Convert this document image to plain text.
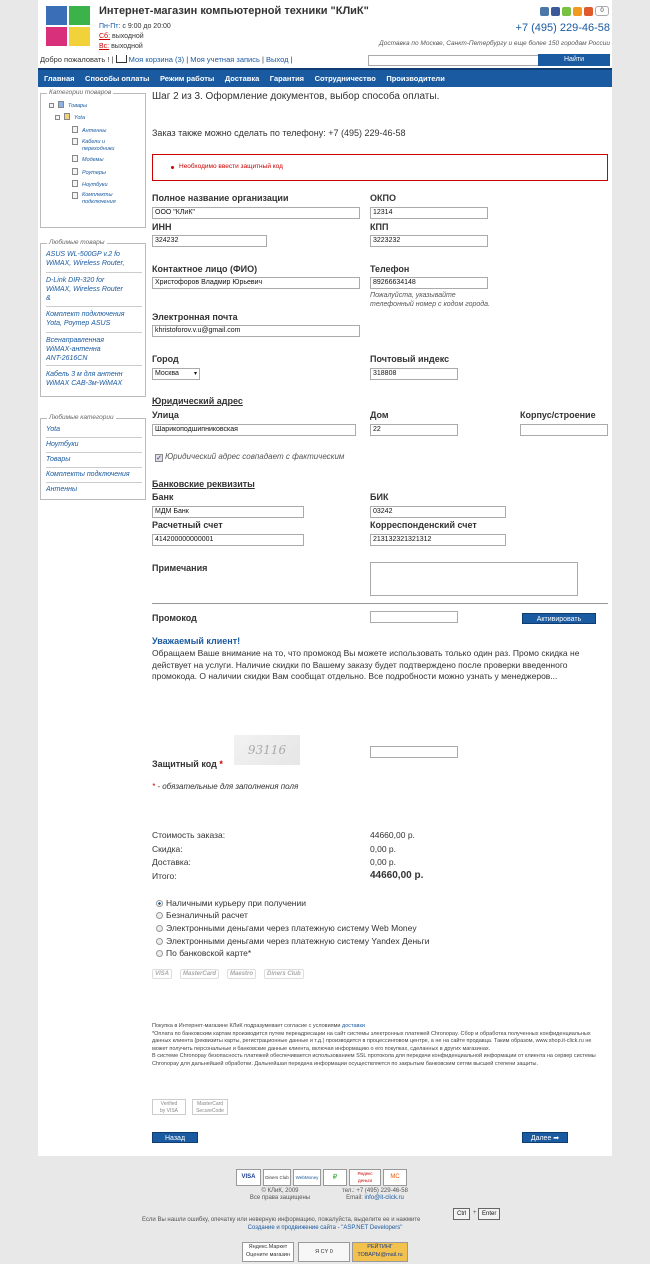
Интернет-магазин компьютерной техники "КЛиК"
Пн-Пт: с 9:00 до 20:00
Сб: выходной
Вс: выходной
0
+7 (495) 229-46-58
Доставка по Москве, Санкт-Петербургу и еще более 150 городам России
Добро пожаловать ! |  Моя корзина (3) | Моя учетная запись | Выход |	Найти
Главная Способы оплаты Режим работы Доставка Гарантия Сотрудничество Производители
Категории товаров
Товары
Yota
Антенны
Кабели и
переходники
Модемы
Роутеры
Ноутбуки
Комплекты
подключения
Любимые товары
ASUS WL-500GP v.2 fo
WiMAX, Wireless Router,
D-Link DIR-320 for
WiMAX, Wireless Router
&
Комплект подключения
Yota, Роутер ASUS
Всенаправленная
WiMAX-антенна
ANT-2616CN
Кабель 3 м для антенн
WiMAX CAB-3м-WiMAX
Любимые категории
Yota
Ноутбуки
Товары
Комплекты подключения
Антенны
Шаг 2 из 3. Оформление документов, выбор способа оплаты.
Заказ также можно сделать по телефону: +7 (495) 229-46-58
Необходимо ввести защитный код
Полное название организации
ООО "КЛиК"
ОКПО
12314
ИНН
324232
КПП
3223232
Контактное лицо (ФИО)
Христофоров Владмир Юрьевич
Телефон
89266634148
Пожалуйста, указывайте
телефонный номер с кодом города.
Электронная почта
khristoforov.v.u@gmail.com
Город
Москва	▾
Почтовый индекс
318808
Юридический адрес
Улица
Шарикоподшипниковская
Дом
22
Корпус/строение
✓ Юридический адрес совпадает с фактическим
Банковские реквизиты
Банк
МДМ Банк
БИК
03242
Расчетный счет
414200000000001
Корреспонденский счет
213132321321312
Примечания
Промокод	Активировать
Уважаемый клиент!
Обращаем Ваше внимание на то, что промокод Вы можете использовать только один раз. Промо скидка не действует на услуги. Наличие скидки по Вашему заказу будет подтверждено после проверки введенного промокода. О наличии скидки Вам сообщат отдельно. Все подробности можно узнать у менеджеров...
93116
Защитный код *
* - обязательные для заполнения поля
Стоимость заказа:	44660,00 р.
Скидка:	0,00 р.
Доставка:	0,00 р.
Итого:	44660,00 р.
Наличными курьеру при получении
Безналичный расчет
Электронными деньгами через платежную систему Web Money
Электронными деньгами через платежную систему Yandex Деньги
По банковской карте*
VISA MasterCard Maestro Diners Club
Покупка в Интернет-магазине КЛиК подразумевает согласие с условиями доставки
*Оплата по банковским картам производится путем переадресации на сайт системы электронных платежей Chronopay. Сбор и обработка полученных конфиденциальных данных клиента (реквизиты карты, регистрационные данные и т.д.) производится в процессинговом центре, а не на сайте продавца. Таким образом, www.shop.it-click.ru не может получить персональные и банковские данные клиента, включая информацию о его покупках, сделанных в других магазинах.
В системе Chronopay безопасность платежей обеспечивается использованием SSL протокола для передачи конфиденциальной информации от клиента на сервер системы Chronopay для дальнейшей обработки. Дальнейшая передача информации осуществляется по закрытым банковским сетям высшей степени защиты.
Verified
by VISA
MasterCard
SecureCode
Назад	Далее ➡
VISA	Diners Club	WebMoney	₽
Яндекс деньги
MC
© КЛиК, 2009
Все права защищены
тел.: +7 (495) 229-46-58
Email: info@it-click.ru
Если Вы нашли ошибку, опечатку или неверную информацию, пожалуйста, выделите ее и нажмите
Ctrl	+ Enter
Создание и продвижение сайта - "ASP.NET Developers"
Яндекс.Маркет Оцените магазин	Я CY 0
РЕЙТИНГ ТОВАРЫ@mail.ru
